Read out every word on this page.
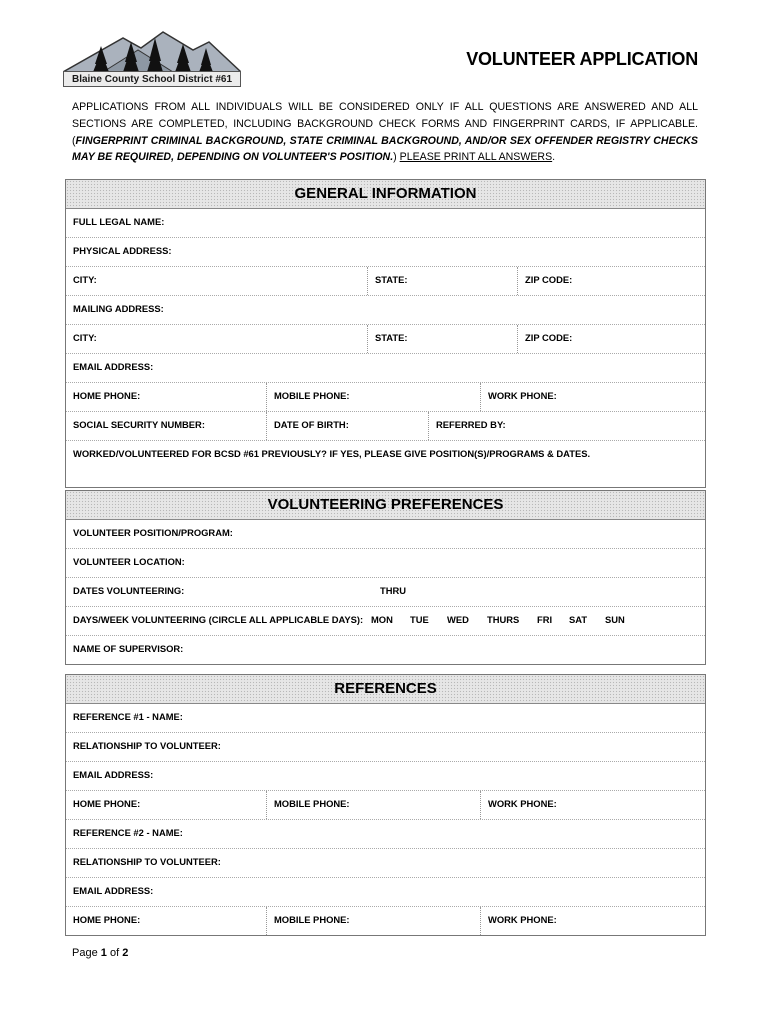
Blaine County School District #61
VOLUNTEER APPLICATION
APPLICATIONS FROM ALL INDIVIDUALS WILL BE CONSIDERED ONLY IF ALL QUESTIONS ARE ANSWERED AND ALL SECTIONS ARE COMPLETED, INCLUDING BACKGROUND CHECK FORMS AND FINGERPRINT CARDS, IF APPLICABLE. (FINGERPRINT CRIMINAL BACKGROUND, STATE CRIMINAL BACKGROUND, AND/OR SEX OFFENDER REGISTRY CHECKS MAY BE REQUIRED, DEPENDING ON VOLUNTEER'S POSITION.) PLEASE PRINT ALL ANSWERS.
GENERAL INFORMATION
FULL LEGAL NAME:
PHYSICAL ADDRESS:
CITY:	STATE:	ZIP CODE:
MAILING ADDRESS:
CITY:	STATE:	ZIP CODE:
EMAIL ADDRESS:
HOME PHONE:	MOBILE PHONE:	WORK PHONE:
SOCIAL SECURITY NUMBER:	DATE OF BIRTH:	REFERRED BY:
WORKED/VOLUNTEERED FOR BCSD #61 PREVIOUSLY? IF YES, PLEASE GIVE POSITION(S)/PROGRAMS & DATES.
VOLUNTEERING PREFERENCES
VOLUNTEER POSITION/PROGRAM:
VOLUNTEER LOCATION:
DATES VOLUNTEERING:	THRU
DAYS/WEEK VOLUNTEERING (CIRCLE ALL APPLICABLE DAYS): MON TUE WED THURS FRI SAT SUN
NAME OF SUPERVISOR:
REFERENCES
REFERENCE #1 - NAME:
RELATIONSHIP TO VOLUNTEER:
EMAIL ADDRESS:
HOME PHONE:	MOBILE PHONE:	WORK PHONE:
REFERENCE #2 - NAME:
RELATIONSHIP TO VOLUNTEER:
EMAIL ADDRESS:
HOME PHONE:	MOBILE PHONE:	WORK PHONE:
Page 1 of 2
